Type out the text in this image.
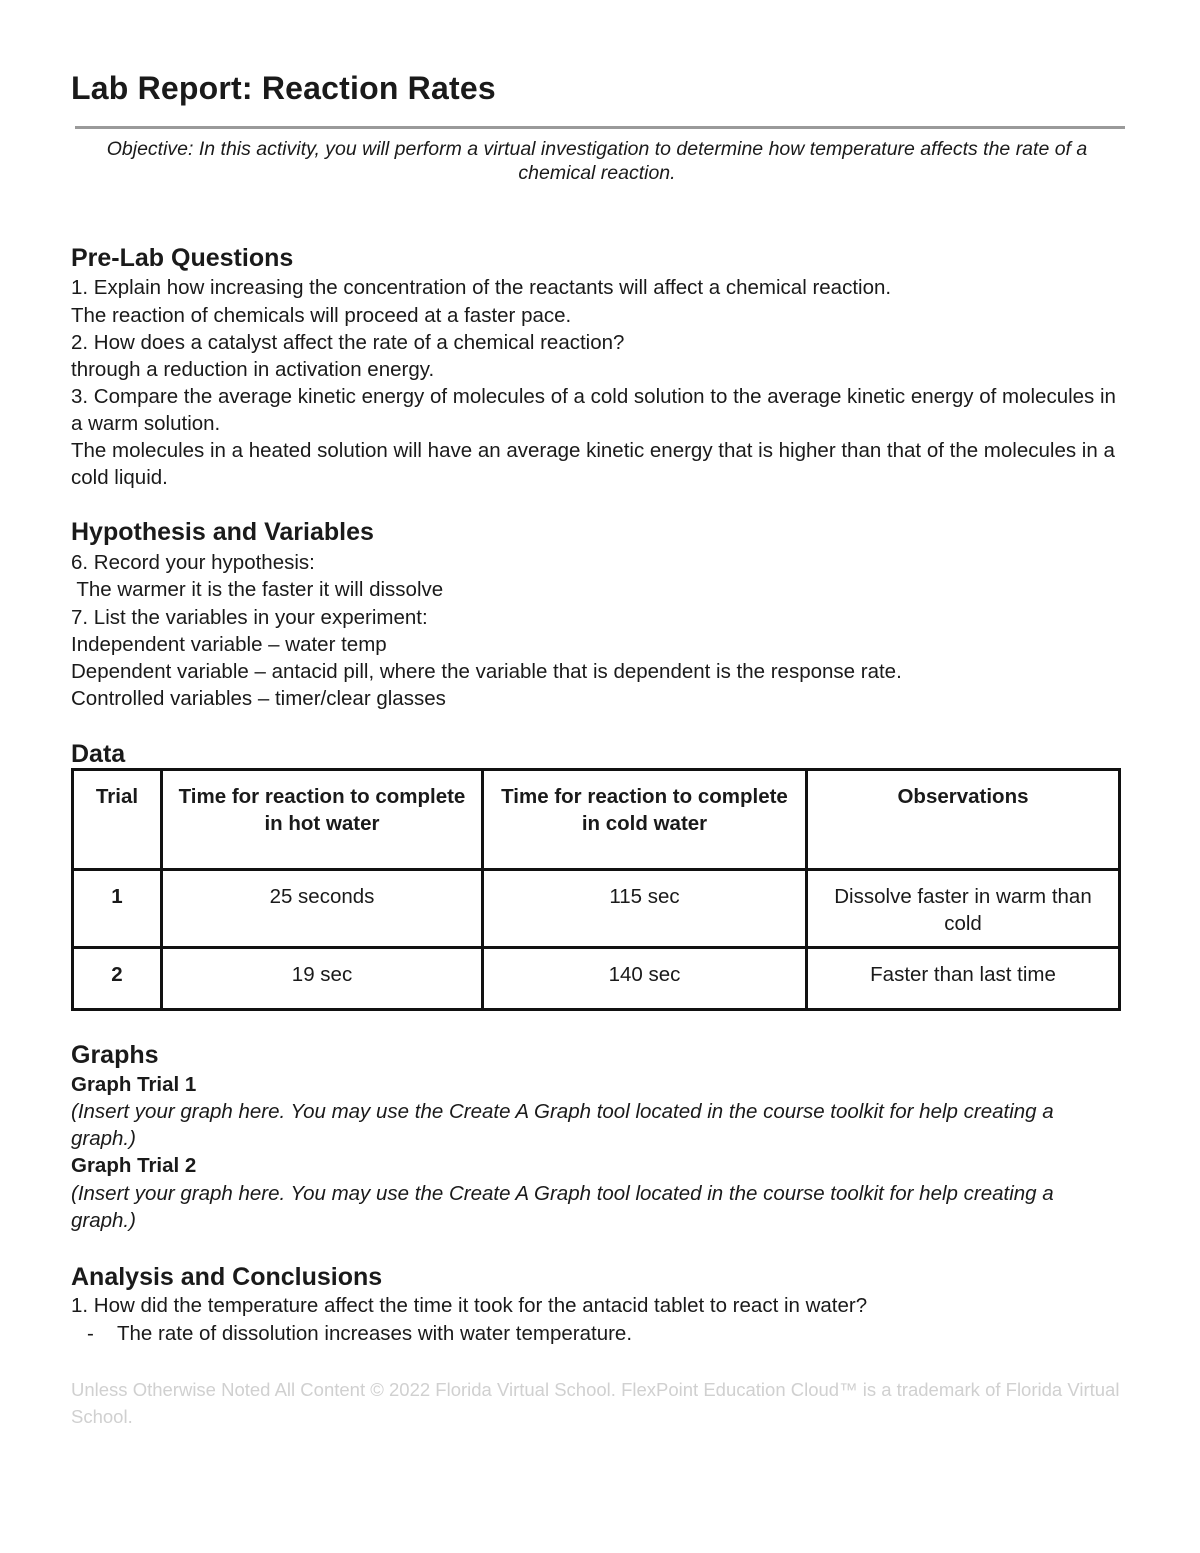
Lab Report: Reaction Rates
Objective: In this activity, you will perform a virtual investigation to determine how temperature affects the rate of a chemical reaction.
Pre-Lab Questions
1. Explain how increasing the concentration of the reactants will affect a chemical reaction.
The reaction of chemicals will proceed at a faster pace.
2. How does a catalyst affect the rate of a chemical reaction?
through a reduction in activation energy.
3. Compare the average kinetic energy of molecules of a cold solution to the average kinetic energy of molecules in a warm solution.
The molecules in a heated solution will have an average kinetic energy that is higher than that of the molecules in a cold liquid.
Hypothesis and Variables
6. Record your hypothesis:
The warmer it is the faster it will dissolve
7. List the variables in your experiment:
Independent variable – water temp
Dependent variable – antacid pill, where the variable that is dependent is the response rate.
Controlled variables – timer/clear glasses
Data
Trial	Time for reaction to complete in hot water	Time for reaction to complete in cold water	Observations
1	25 seconds	115 sec	Dissolve faster in warm than cold
2	19 sec	140 sec	Faster than last time
Graphs
Graph Trial 1
(Insert your graph here. You may use the Create A Graph tool located in the course toolkit for help creating a graph.)
Graph Trial 2
(Insert your graph here. You may use the Create A Graph tool located in the course toolkit for help creating a graph.)
Analysis and Conclusions
1. How did the temperature affect the time it took for the antacid tablet to react in water?
- The rate of dissolution increases with water temperature.
Unless Otherwise Noted All Content © 2022 Florida Virtual School. FlexPoint Education Cloud™ is a trademark of Florida Virtual School.
